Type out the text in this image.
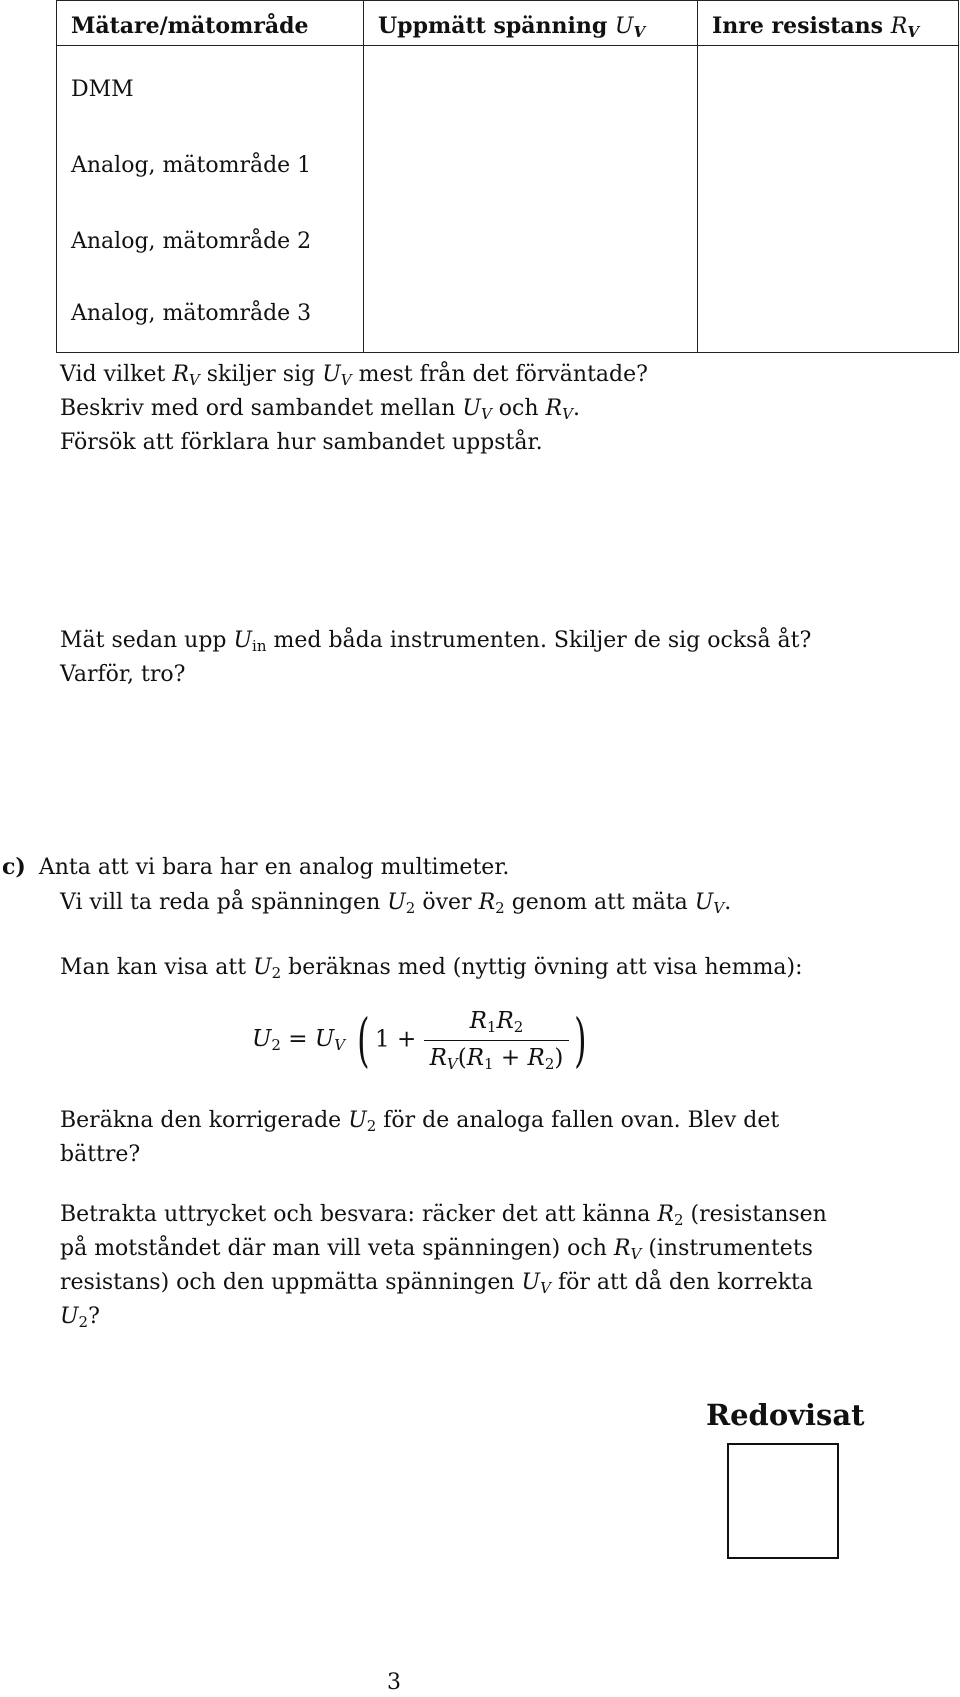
Mätare/mätområde	Uppmätt spänning $U_V$	Inre resistans $R_V$
DMM		
Analog, mätområde 1		
Analog, mätområde 2		
Analog, mätområde 3		
Vid vilket $R_V$ skiljer sig $U_V$ mest från det förväntade?
Beskriv med ord sambandet mellan $U_V$ och $R_V$.
Försök att förklara hur sambandet uppstår.
Mät sedan upp $U_{in}$ med båda instrumenten. Skiljer de sig också åt?
Varför, tro?
c) Anta att vi bara har en analog multimeter.
Vi vill ta reda på spänningen $U_2$ över $R_2$ genom att mäta $U_V$.
Man kan visa att $U_2$ beräknas med (nyttig övning att visa hemma):
$U_2 = U_V$ ( $1 + \frac{R_1R_2}{R_V(R_1 + R_2)}$ )
Beräkna den korrigerade $U_2$ för de analoga fallen ovan. Blev det
bättre?
Betrakta uttrycket och besvara: räcker det att känna $R_2$ (resistansen
på motståndet där man vill veta spänningen) och $R_V$ (instrumentets
resistans) och den uppmätta spänningen $U_V$ för att då den korrekta
$U_2$?
Redovisat
3
